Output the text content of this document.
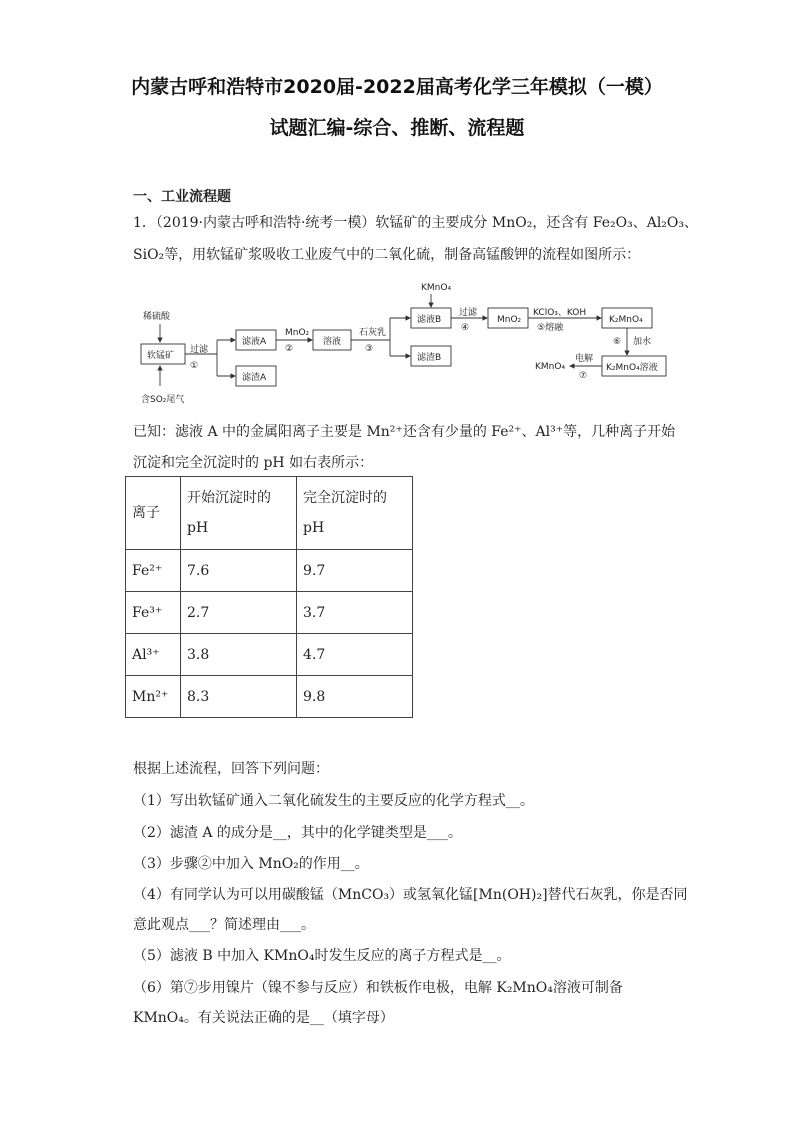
内蒙古呼和浩特市2020届-2022届高考化学三年模拟（一模）
试题汇编-综合、推断、流程题
一、工业流程题
1．（2019·内蒙古呼和浩特·统考一模）软锰矿的主要成分 MnO₂，还含有 Fe₂O₃、Al₂O₃、
SiO₂等，用软锰矿浆吸收工业废气中的二氧化硫，制备高锰酸钾的流程如图所示：
稀硫酸
软锰矿
含SO₂尾气
过滤
①
滤液A
滤渣A
MnO₂
②
溶液
石灰乳
③
KMnO₄
滤液B
滤渣B
过滤
④
MnO₂
KClO₃、KOH
⑤熔融
K₂MnO₄
⑥ 加水
K₂MnO₄溶液
电解
⑦
KMnO₄
已知：滤液 A 中的金属阳离子主要是 Mn²⁺还含有少量的 Fe²⁺、Al³⁺等，几种离子开始
沉淀和完全沉淀时的 pH 如右表所示：
离子	开始沉淀时的 pH	完全沉淀时的 pH
Fe²⁺	7.6	9.7
Fe³⁺	2.7	3.7
Al³⁺	3.8	4.7
Mn²⁺	8.3	9.8
根据上述流程，回答下列问题：
（1）写出软锰矿通入二氧化硫发生的主要反应的化学方程式__。
（2）滤渣 A 的成分是__，其中的化学键类型是___。
（3）步骤②中加入 MnO₂的作用__。
（4）有同学认为可以用碳酸锰（MnCO₃）或氢氧化锰[Mn(OH)₂]替代石灰乳，你是否同
意此观点___？简述理由___。
（5）滤液 B 中加入 KMnO₄时发生反应的离子方程式是__。
（6）第⑦步用镍片（镍不参与反应）和铁板作电极，电解 K₂MnO₄溶液可制备
KMnO₄。有关说法正确的是__（填字母）
